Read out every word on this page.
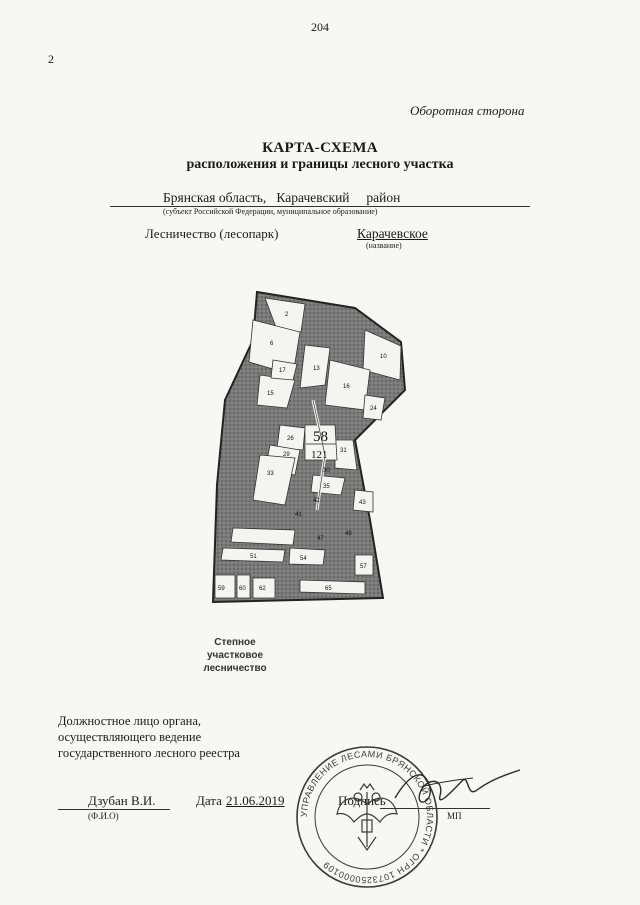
204
2
Оборотная сторона
КАРТА-СХЕМА
расположения и границы лесного участка
Брянская область,   Карачевский     район
(субъект Российской Федерации, муниципальное образование)
Лесничество (лесопарк)	Карачевское
(название)
58
121
2
6
10
13
15
16
17
24
26
29
30
31
33
35
41
42	43
47
48
51	54
57
59 60 62	65
Степное участковое
лесничество
Должностное лицо органа, осуществляющего ведение государственного лесного реестра
Дзубан В.И.
(Ф.И.О)
Дата 21.06.2019	Подпись
МП
УПРАВЛЕНИЕ ЛЕСАМИ БРЯНСКОЙ ОБЛАСТИ * ОГРН 1073250000109
